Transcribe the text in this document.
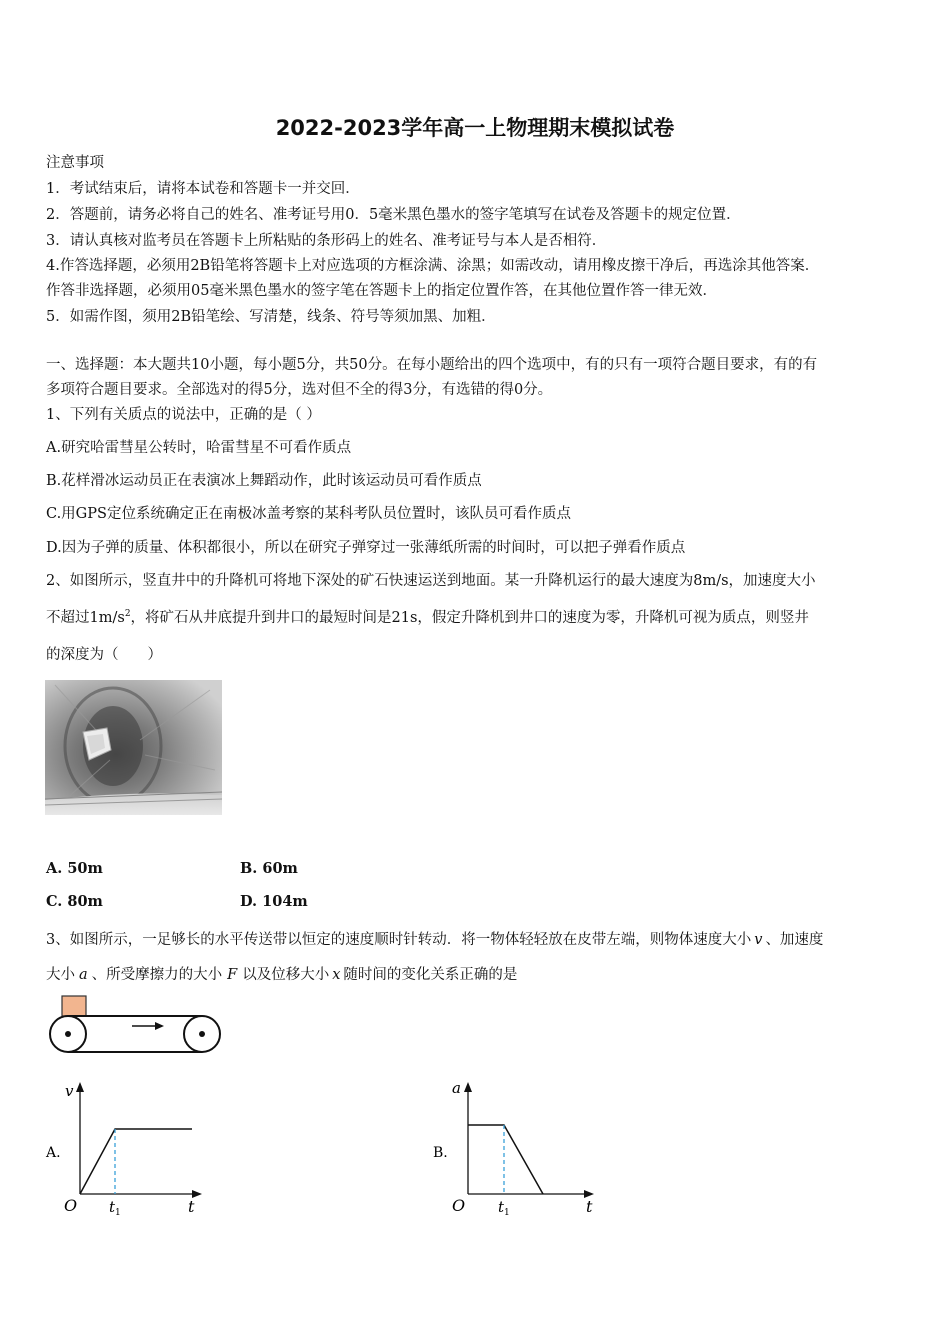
2022-2023学年高一上物理期末模拟试卷
注意事项
1．考试结束后，请将本试卷和答题卡一并交回．
2．答题前，请务必将自己的姓名、准考证号用0．5毫米黑色墨水的签字笔填写在试卷及答题卡的规定位置．
3．请认真核对监考员在答题卡上所粘贴的条形码上的姓名、准考证号与本人是否相符．
4.作答选择题，必须用2B铅笔将答题卡上对应选项的方框涂满、涂黑；如需改动，请用橡皮擦干净后，再选涂其他答案．
作答非选择题，必须用05毫米黑色墨水的签字笔在答题卡上的指定位置作答，在其他位置作答一律无效．
5．如需作图，须用2B铅笔绘、写清楚，线条、符号等须加黑、加粗．
一、选择题：本大题共10小题，每小题5分，共50分。在每小题给出的四个选项中，有的只有一项符合题目要求，有的有
多项符合题目要求。全部选对的得5分，选对但不全的得3分，有选错的得0分。
1、下列有关质点的说法中，正确的是（ ）
A.研究哈雷彗星公转时，哈雷彗星不可看作质点
B.花样滑冰运动员正在表演冰上舞蹈动作，此时该运动员可看作质点
C.用GPS定位系统确定正在南极冰盖考察的某科考队员位置时，该队员可看作质点
D.因为子弹的质量、体积都很小，所以在研究子弹穿过一张薄纸所需的时间时，可以把子弹看作质点
2、如图所示，竖直井中的升降机可将地下深处的矿石快速运送到地面。某一升降机运行的最大速度为8m/s，加速度大小
不超过$1m/s^2$，将矿石从井底提升到井口的最短时间是21s，假定升降机到井口的速度为零，升降机可视为质点，则竖井
的深度为（　　）
A. 50m	B. 60m
C. 80m	D. 104m
3、如图所示，一足够长的水平传送带以恒定的速度顺时针转动．将一物体轻轻放在皮带左端，则物体速度大小 v 、加速度
大小 a 、所受摩擦力的大小 F 以及位移大小 x 随时间的变化关系正确的是
A.
v
O	t
$t_1$
B.
a
O	t
$t_1$
